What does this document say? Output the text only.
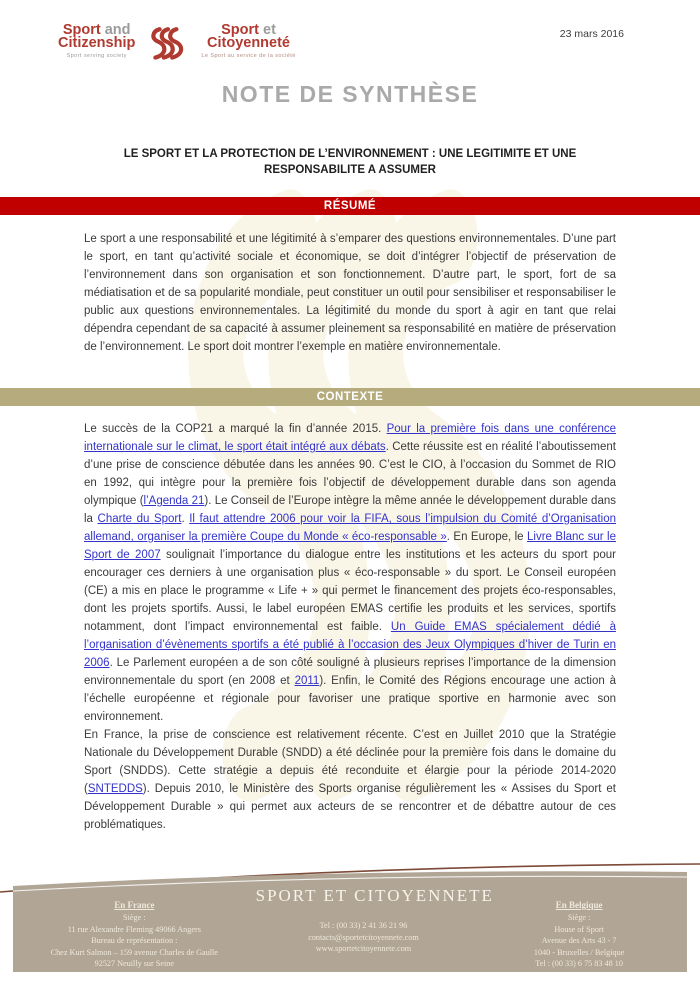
Sport and
Citizenship
Sport serving society
Sport et
Citoyenneté
Le Sport au service de la société
23 mars 2016
NOTE DE SYNTHÈSE
LE SPORT ET LA PROTECTION DE L’ENVIRONNEMENT : UNE LEGITIMITE ET UNE RESPONSABILITE A ASSUMER
RÉSUMÉ

Le sport a une responsabilité et une légitimité à s’emparer des questions environnementales. D’une part le sport, en tant qu’activité sociale et économique, se doit d’intégrer l’objectif de préservation de l’environnement dans son organisation et son fonctionnement. D’autre part, le sport, fort de sa médiatisation et de sa popularité mondiale, peut constituer un outil pour sensibiliser et responsabiliser le public aux questions environnementales. La légitimité du monde du sport à agir en tant que relai dépendra cependant de sa capacité à assumer pleinement sa responsabilité en matière de préservation de l’environnement. Le sport doit montrer l’exemple en matière environnementale.

CONTEXTE

Le succès de la COP21 a marqué la fin d’année 2015. Pour la première fois dans une conférence internationale sur le climat, le sport était intégré aux débats. Cette réussite est en réalité l’aboutissement d’une prise de conscience débutée dans les années 90. C’est le CIO, à l’occasion du Sommet de RIO en 1992, qui intègre pour la première fois l’objectif de développement durable dans son agenda olympique (l’Agenda 21). Le Conseil de l’Europe intègre la même année le développement durable dans la Charte du Sport. Il faut attendre 2006 pour voir la FIFA, sous l’impulsion du Comité d’Organisation allemand, organiser la première Coupe du Monde « éco-responsable ». En Europe, le Livre Blanc sur le Sport de 2007 soulignait l’importance du dialogue entre les institutions et les acteurs du sport pour encourager ces derniers à une organisation plus « éco-responsable » du sport. Le Conseil européen (CE) a mis en place le programme « Life + » qui permet le financement des projets éco-responsables, dont les projets sportifs. Aussi, le label européen EMAS certifie les produits et les services, sportifs notamment, dont l’impact environnemental est faible. Un Guide EMAS spécialement dédié à l’organisation d’évènements sportifs a été publié à l’occasion des Jeux Olympiques d’hiver de Turin en 2006. Le Parlement européen a de son côté souligné à plusieurs reprises l’importance de la dimension environnementale du sport (en 2008 et 2011). Enfin, le Comité des Régions encourage une action à l’échelle européenne et régionale pour favoriser une pratique sportive en harmonie avec son environnement.

En France, la prise de conscience est relativement récente. C’est en Juillet 2010 que la Stratégie Nationale du Développement Durable (SNDD) a été déclinée pour la première fois dans le domaine du Sport (SNDDS). Cette stratégie a depuis été reconduite et élargie pour la période 2014-2020 (SNTEDDS). Depuis 2010, le Ministère des Sports organise régulièrement les « Assises du Sport et Développement Durable » qui permet aux acteurs de se rencontrer et de débattre autour de ces problématiques.

En France
Siège :
11 rue Alexandre Fleming 49066 Angers
Bureau de représentation :
Chez Kurt Salmon – 159 avenue Charles de Gaulle
92527 Neuilly sur Seine
SPORT ET CITOYENNETE
Tel : (00 33) 2 41 36 21 96
contacts@sportetcitoyennete.com
www.sportetcitoyennete.com
En Belgique
Siège :
House of Sport
Avenue des Arts 43 - 7
1040 - Bruxelles / Belgique
Tel : (00 33) 6 75 83 48 10
